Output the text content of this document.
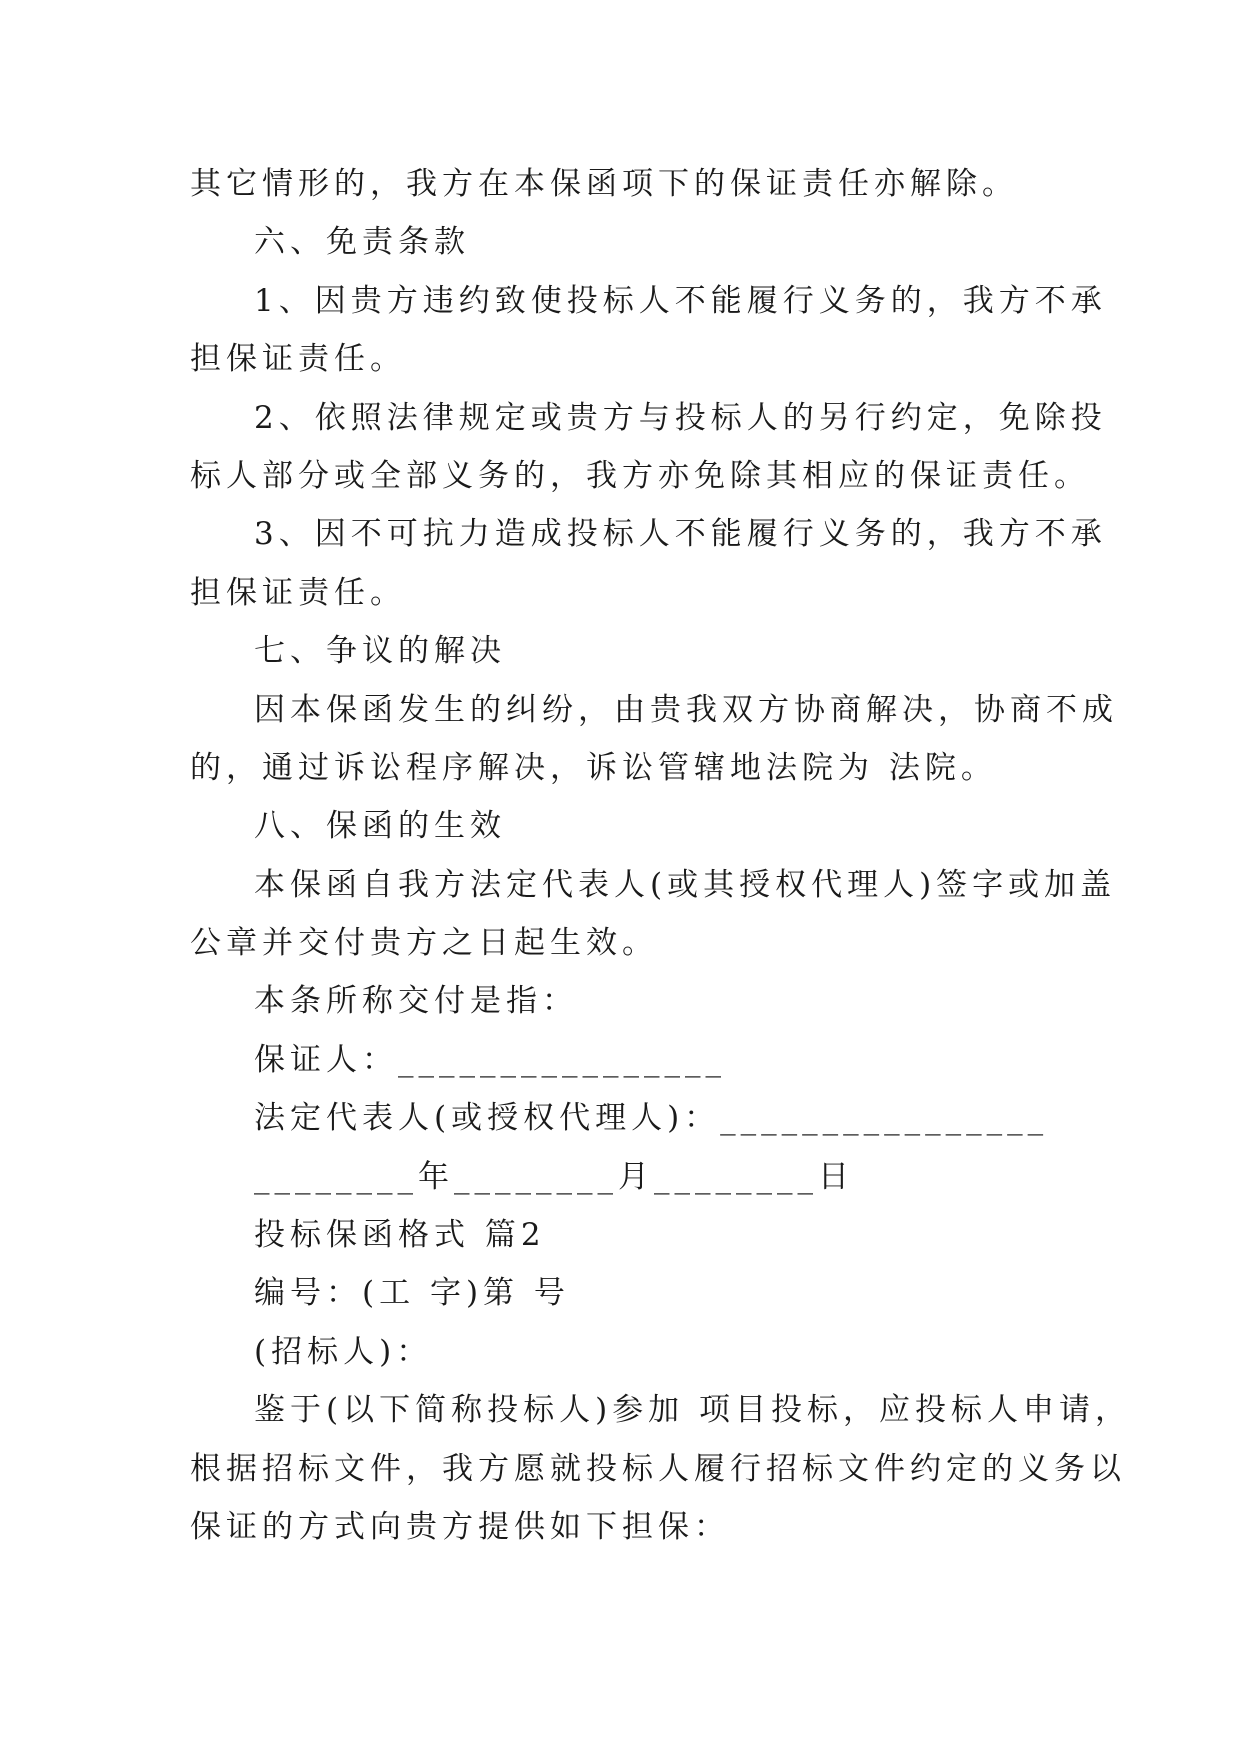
其它情形的，我方在本保函项下的保证责任亦解除。
六、免责条款
1、因贵方违约致使投标人不能履行义务的，我方不承
担保证责任。
2、依照法律规定或贵方与投标人的另行约定，免除投
标人部分或全部义务的，我方亦免除其相应的保证责任。
3、因不可抗力造成投标人不能履行义务的，我方不承
担保证责任。
七、争议的解决
因本保函发生的纠纷，由贵我双方协商解决，协商不成
的，通过诉讼程序解决，诉讼管辖地法院为 法院。
八、保函的生效
本保函自我方法定代表人(或其授权代理人)签字或加盖
公章并交付贵方之日起生效。
本条所称交付是指：
保证人：________________
法定代表人(或授权代理人)：________________
________年________月________日
投标保函格式 篇2
编号：(工 字)第 号
(招标人)：
鉴于(以下简称投标人)参加 项目投标，应投标人申请，
根据招标文件，我方愿就投标人履行招标文件约定的义务以
保证的方式向贵方提供如下担保：
